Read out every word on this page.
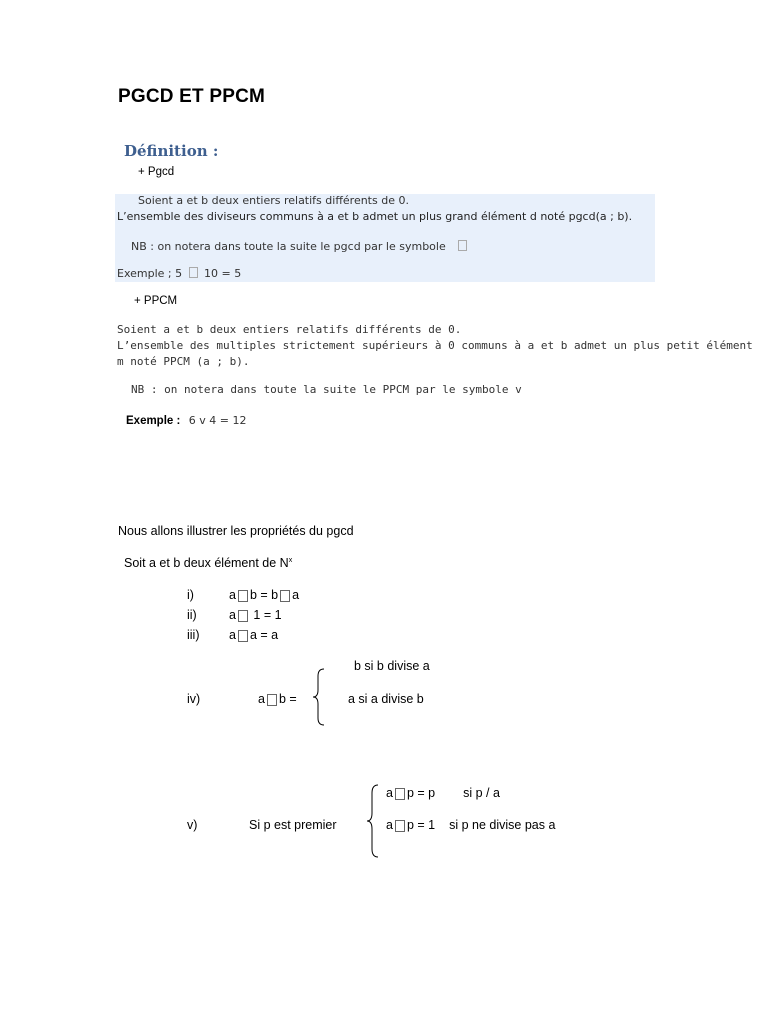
PGCD ET PPCM
Définition :
+ Pgcd
Soient a et b deux entiers relatifs différents de 0.
L’ensemble des diviseurs communs à a et b admet un plus grand élément d noté pgcd(a ; b).
NB : on notera dans toute la suite le pgcd par le symbole
Exemple ; 5 10 = 5
+ PPCM
Soient a et b deux entiers relatifs différents de 0.
L’ensemble des multiples strictement supérieurs à 0 communs à a et b admet un plus petit élément
m noté PPCM (a ; b).
NB : on notera dans toute la suite le PPCM par le symbole v
Exemple : 6 v 4 = 12
Nous allons illustrer les propriétés du pgcd
Soit a et b deux élément de $N^x$
i)	a b = b a
ii)	a 1 = 1
iii) a a = a
b si b divise a
iv)	a b =	a si a divise b
a p = p si p / a
v)	Si p est premier	a p = 1 si p ne divise pas a
